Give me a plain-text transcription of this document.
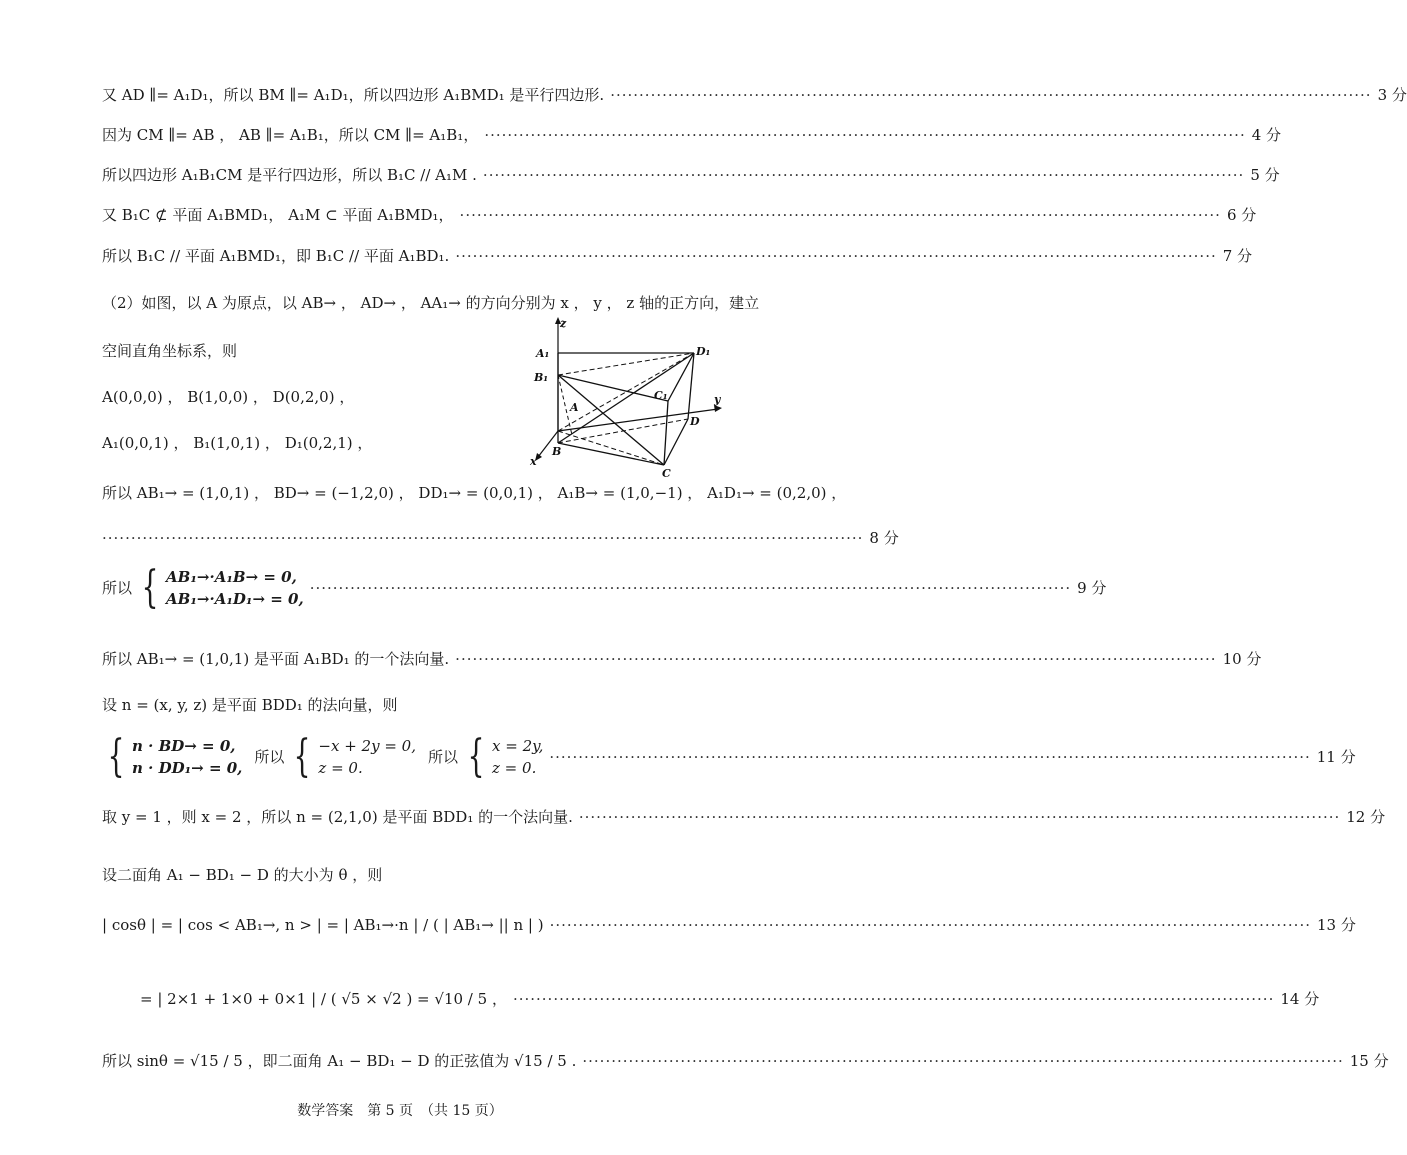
又 AD ∥= A₁D₁，所以 BM ∥= A₁D₁，所以四边形 A₁BMD₁ 是平行四边形. ·····	3 分
因为 CM ∥= AB ， AB ∥= A₁B₁，所以 CM ∥= A₁B₁， ·····	4 分
所以四边形 A₁B₁CM 是平行四边形，所以 B₁C // A₁M . ·····	5 分
又 B₁C ⊄ 平面 A₁BMD₁， A₁M ⊂ 平面 A₁BMD₁， ·····	6 分
所以 B₁C // 平面 A₁BMD₁，即 B₁C // 平面 A₁BD₁. ·····	7 分
（2）如图，以 A 为原点，以 AB→ ， AD→ ， AA₁→ 的方向分别为 x ， y ， z 轴的正方向，建立
空间直角坐标系，则
A(0,0,0) ， B(1,0,0) ， D(0,2,0) ，
A₁(0,0,1) ， B₁(1,0,1) ， D₁(0,2,1) ，
z
y
x
A₁	D₁
B₁
C₁
A
D
B
C
所以 AB₁→ = (1,0,1) ， BD→ = (−1,2,0) ， DD₁→ = (0,0,1) ， A₁B→ = (1,0,−1) ， A₁D₁→ = (0,2,0) ，
·····
8 分
所以 { AB₁→·A₁B→ = 0,
AB₁→·A₁D₁→ = 0,
·····
9 分
所以 AB₁→ = (1,0,1) 是平面 A₁BD₁ 的一个法向量. ·····	10 分
设 n = (x, y, z) 是平面 BDD₁ 的法向量，则
{ n · BD→ = 0,
n · DD₁→ = 0,
所以 { −x + 2y = 0,
z = 0.
所以 { x = 2y,
z = 0.
·····
11 分
取 y = 1 ，则 x = 2 ，所以 n = (2,1,0) 是平面 BDD₁ 的一个法向量. ·····	12 分
设二面角 A₁ − BD₁ − D 的大小为 θ ，则
| cosθ | = | cos < AB₁→, n > | = | AB₁→·n | / ( | AB₁→ || n | ) ·····	13 分
= | 2×1 + 1×0 + 0×1 | / ( √5 × √2 ) = √10 / 5 ， ·····	14 分
所以 sinθ = √15 / 5 ，即二面角 A₁ − BD₁ − D 的正弦值为 √15 / 5 . ·····	15 分
数学答案　第 5 页　（共 15 页）
